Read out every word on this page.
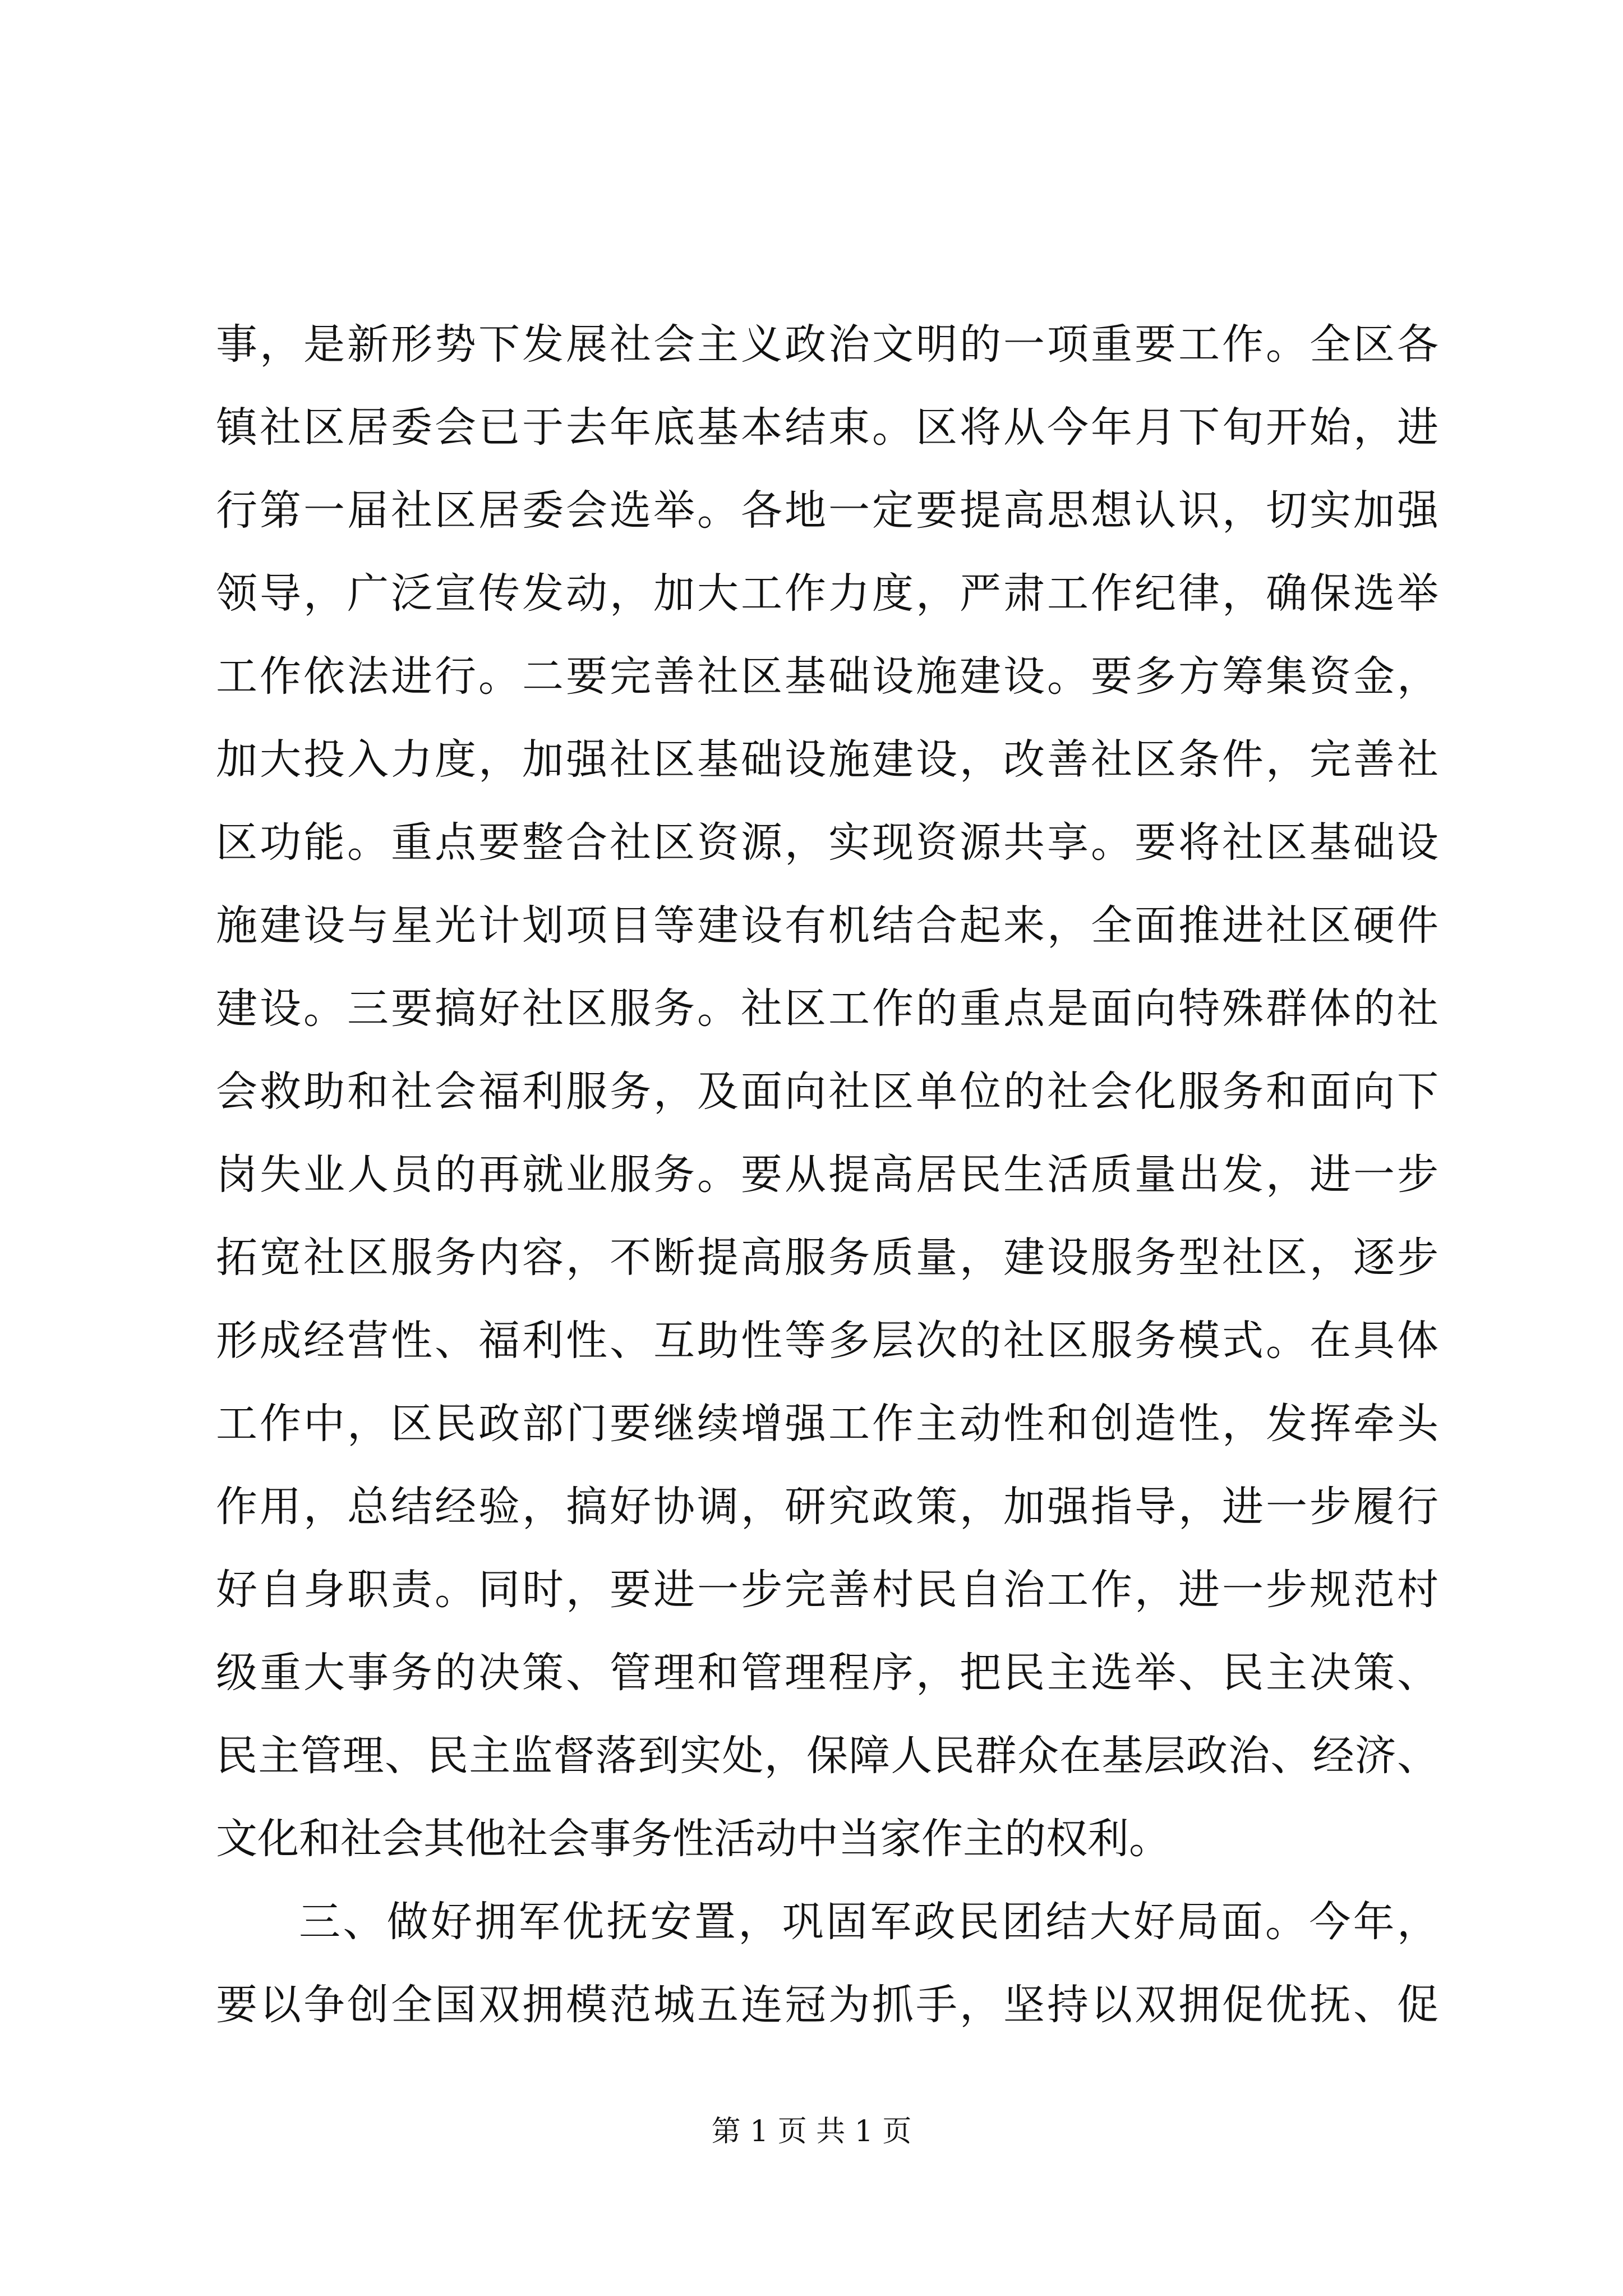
事，是新形势下发展社会主义政治文明的一项重要工作。全区各
镇社区居委会已于去年底基本结束。区将从今年月下旬开始，进
行第一届社区居委会选举。各地一定要提高思想认识，切实加强
领导，广泛宣传发动，加大工作力度，严肃工作纪律，确保选举
工作依法进行。二要完善社区基础设施建设。要多方筹集资金，
加大投入力度，加强社区基础设施建设，改善社区条件，完善社
区功能。重点要整合社区资源，实现资源共享。要将社区基础设
施建设与星光计划项目等建设有机结合起来，全面推进社区硬件
建设。三要搞好社区服务。社区工作的重点是面向特殊群体的社
会救助和社会福利服务，及面向社区单位的社会化服务和面向下
岗失业人员的再就业服务。要从提高居民生活质量出发，进一步
拓宽社区服务内容，不断提高服务质量，建设服务型社区，逐步
形成经营性、福利性、互助性等多层次的社区服务模式。在具体
工作中，区民政部门要继续增强工作主动性和创造性，发挥牵头
作用，总结经验，搞好协调，研究政策，加强指导，进一步履行
好自身职责。同时，要进一步完善村民自治工作，进一步规范村
级重大事务的决策、管理和管理程序，把民主选举、民主决策、
民主管理、民主监督落到实处，保障人民群众在基层政治、经济、
文化和社会其他社会事务性活动中当家作主的权利。
三、做好拥军优抚安置，巩固军政民团结大好局面。今年，
要以争创全国双拥模范城五连冠为抓手，坚持以双拥促优抚、促
第 1 页 共 1 页
